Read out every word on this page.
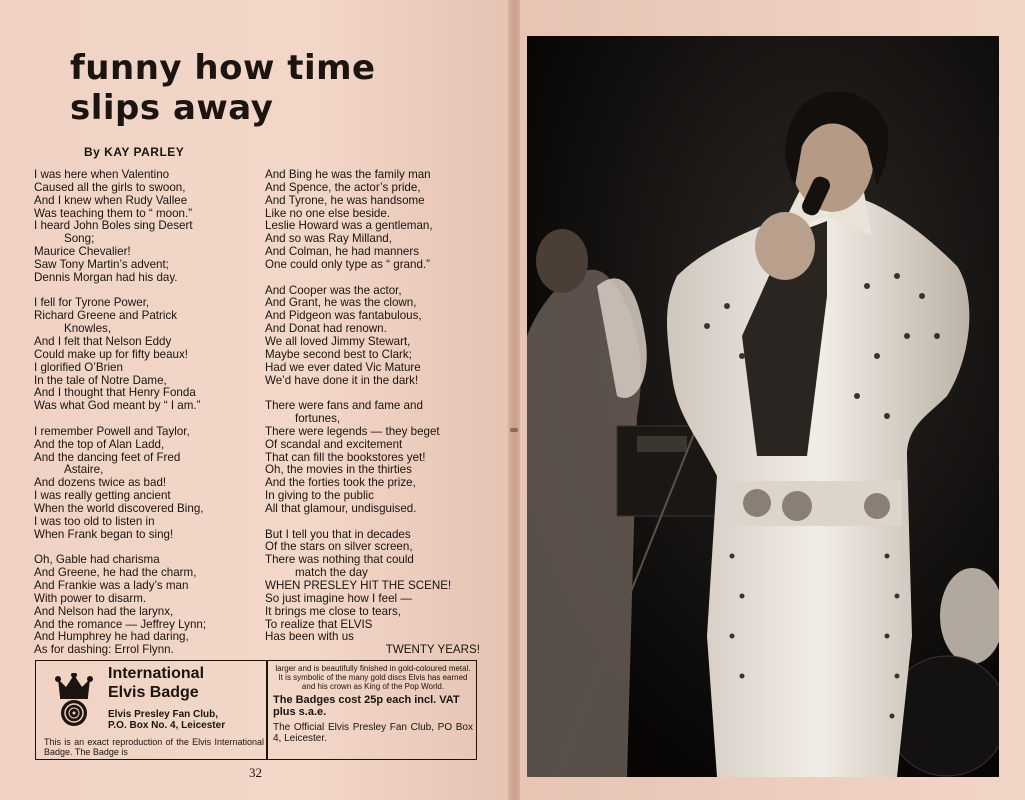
funny how time
slips away
By KAY PARLEY
I was here when Valentino
Caused all the girls to swoon,
And I knew when Rudy Vallee
Was teaching them to “ moon.”
I heard John Boles sing Desert
Song;
Maurice Chevalier!
Saw Tony Martin’s advent;
Dennis Morgan had his day.
I fell for Tyrone Power,
Richard Greene and Patrick
Knowles,
And I felt that Nelson Eddy
Could make up for fifty beaux!
I glorified O’Brien
In the tale of Notre Dame,
And I thought that Henry Fonda
Was what God meant by “ I am.”
I remember Powell and Taylor,
And the top of Alan Ladd,
And the dancing feet of Fred
Astaire,
And dozens twice as bad!
I was really getting ancient
When the world discovered Bing,
I was too old to listen in
When Frank began to sing!
Oh, Gable had charisma
And Greene, he had the charm,
And Frankie was a lady’s man
With power to disarm.
And Nelson had the larynx,
And the romance — Jeffrey Lynn;
And Humphrey he had daring,
As for dashing: Errol Flynn.
And Bing he was the family man
And Spence, the actor’s pride,
And Tyrone, he was handsome
Like no one else beside.
Leslie Howard was a gentleman,
And so was Ray Milland,
And Colman, he had manners
One could only type as “ grand.”
And Cooper was the actor,
And Grant, he was the clown,
And Pidgeon was fantabulous,
And Donat had renown.
We all loved Jimmy Stewart,
Maybe second best to Clark;
Had we ever dated Vic Mature
We’d have done it in the dark!
There were fans and fame and
fortunes,
There were legends — they beget
Of scandal and excitement
That can fill the bookstores yet!
Oh, the movies in the thirties
And the forties took the prize,
In giving to the public
All that glamour, undisguised.
But I tell you that in decades
Of the stars on silver screen,
There was nothing that could
match the day
WHEN PRESLEY HIT THE SCENE!
So just imagine how I feel —
It brings me close to tears,
To realize that ELVIS
Has been with us
TWENTY YEARS!
International
Elvis Badge
Elvis Presley Fan Club,
P.O. Box No. 4, Leicester
This is an exact reproduction of the Elvis International Badge. The Badge is
larger and is beautifully finished in gold-coloured metal. It is symbolic of the many gold discs Elvis has earned and his crown as King of the Pop World.
The Badges cost 25p each incl. VAT plus s.a.e.
The Official Elvis Presley Fan Club, PO Box 4, Leicester.
32
